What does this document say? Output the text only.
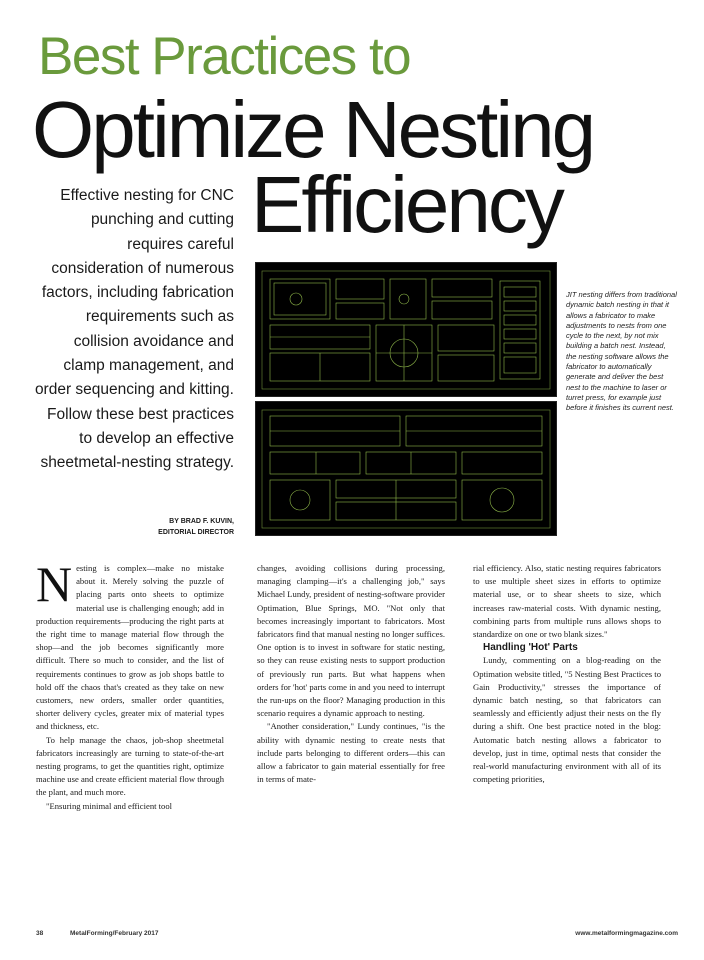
Best Practices to
Optimize Nesting
Efficiency
Effective nesting for CNC punching and cutting requires careful consideration of numerous factors, including fabrication requirements such as collision avoidance and clamp management, and order sequencing and kitting. Follow these best practices to develop an effective sheetmetal-nesting strategy.
BY BRAD F. KUVIN,
EDITORIAL DIRECTOR
JIT nesting differs from traditional dynamic batch nesting in that it allows a fabricator to make adjustments to nests from one cycle to the next, by not mix building a batch nest. Instead, the nesting software allows the fabricator to automatically generate and deliver the best nest to the machine to laser or turret press, for example just before it finishes its current nest.

Nesting is complex—make no mistake about it. Merely solving the puzzle of placing parts onto sheets to optimize material use is challenging enough; add in production requirements—producing the right parts at the right time to manage material flow through the shop—and the job becomes significantly more difficult. There so much to consider, and the list of requirements continues to grow as job shops battle to hold off the chaos that's created as they take on new customers, new orders, smaller order quantities, shorter delivery cycles, greater mix of material types and thickness, etc.

To help manage the chaos, job-shop sheetmetal fabricators increasingly are turning to state-of-the-art nesting programs, to get the quantities right, optimize machine use and create efficient material flow through the plant, and much more.

"Ensuring minimal and efficient tool

changes, avoiding collisions during processing, managing clamping—it's a challenging job," says Michael Lundy, president of nesting-software provider Optimation, Blue Springs, MO. "Not only that becomes increasingly important to fabricators. Most fabricators find that manual nesting no longer suffices. One option is to invest in software for static nesting, so they can reuse existing nests to support production of previously run parts. But what happens when orders for 'hot' parts come in and you need to interrupt the run-ups on the floor? Managing production in this scenario requires a dynamic approach to nesting.

"Another consideration," Lundy continues, "is the ability with dynamic nesting to create nests that include parts belonging to different orders—this can allow a fabricator to gain material essentially for free in terms of mate-

rial efficiency. Also, static nesting requires fabricators to use multiple sheet sizes in efforts to optimize material use, or to shear sheets to size, which increases raw-material costs. With dynamic nesting, combining parts from multiple runs allows shops to standardize on one or two blank sizes."

Handling 'Hot' Parts

Lundy, commenting on a blog-reading on the Optimation website titled, "5 Nesting Best Practices to Gain Productivity," stresses the importance of dynamic batch nesting, so that fabricators can seamlessly and efficiently adjust their nests on the fly during a shift. One best practice noted in the blog: Automatic batch nesting allows a fabricator to develop, just in time, optimal nests that consider the real-world manufacturing environment with all of its competing priorities,

38	MetalForming/February 2017	www.metalformingmagazine.com
